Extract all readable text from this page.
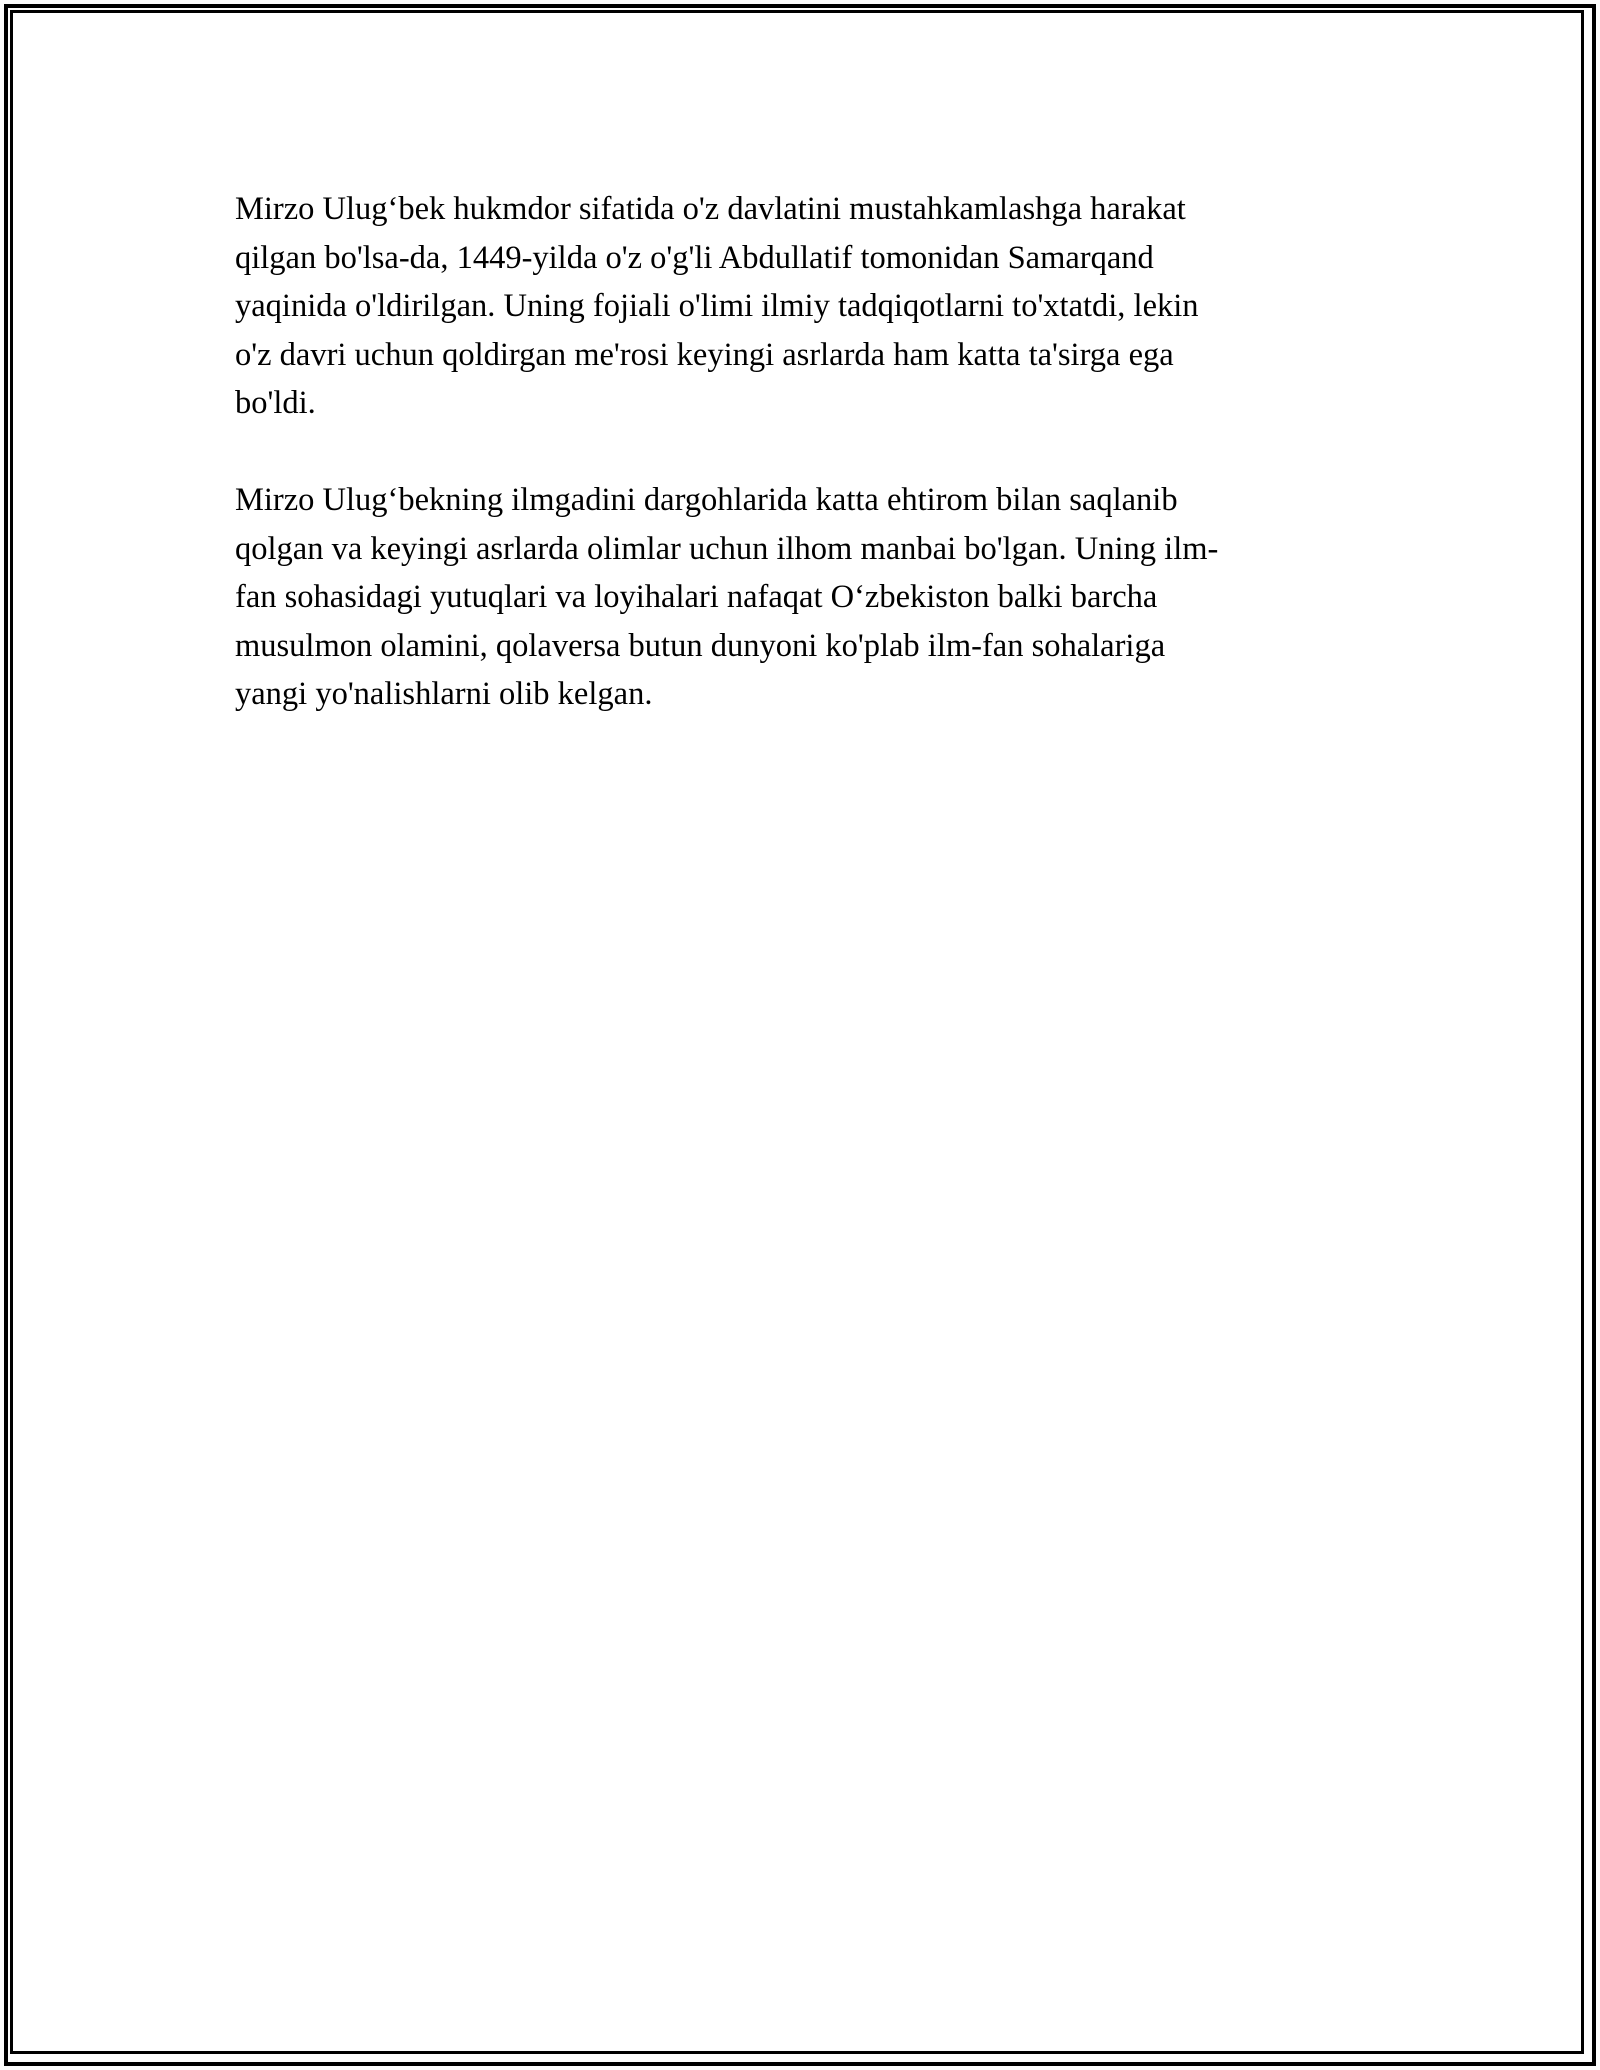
Mirzo Ulug‘bek hukmdor sifatida o'z davlatini mustahkamlashga harakat
qilgan bo'lsa-da, 1449-yilda o'z o'g'li Abdullatif tomonidan Samarqand
yaqinida o'ldirilgan. Uning fojiali o'limi ilmiy tadqiqotlarni to'xtatdi, lekin
o'z davri uchun qoldirgan me'rosi keyingi asrlarda ham katta ta'sirga ega
bo'ldi.

Mirzo Ulug‘bekning ilmgadini dargohlarida katta ehtirom bilan saqlanib
qolgan va keyingi asrlarda olimlar uchun ilhom manbai bo'lgan. Uning ilm-
fan sohasidagi yutuqlari va loyihalari nafaqat O‘zbekiston balki barcha
musulmon olamini, qolaversa butun dunyoni ko'plab ilm-fan sohalariga
yangi yo'nalishlarni olib kelgan.
